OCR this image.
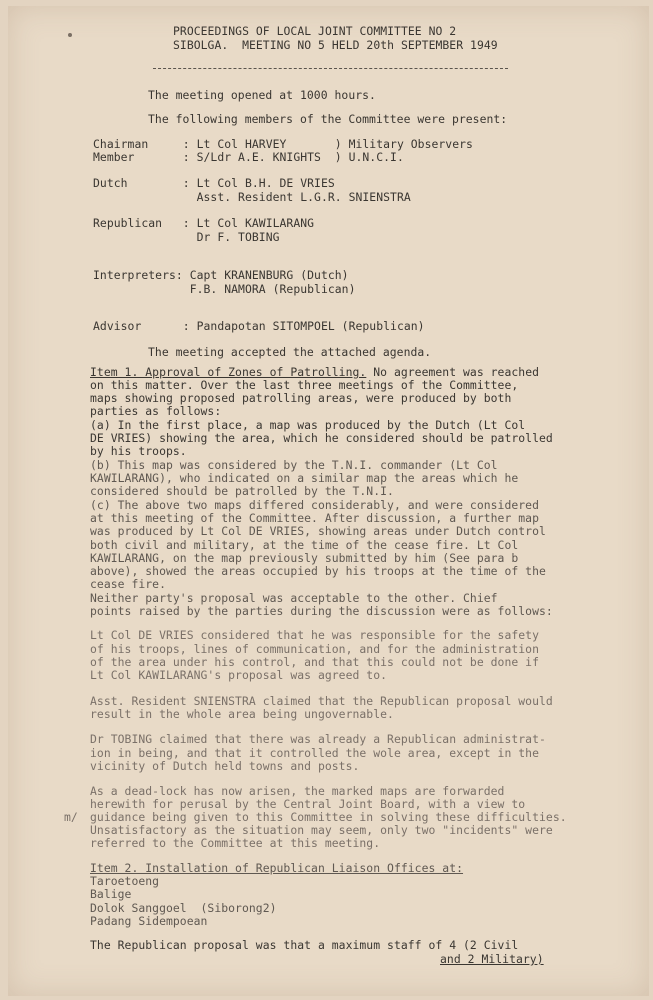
PROCEEDINGS OF LOCAL JOINT COMMITTEE NO 2
SIBOLGA.  MEETING NO 5 HELD 20th SEPTEMBER 1949
The meeting opened at 1000 hours.
The following members of the Committee were present:
Chairman     : Lt Col HARVEY       ) Military Observers
Member       : S/Ldr A.E. KNIGHTS  ) U.N.C.I.
Dutch        : Lt Col B.H. DE VRIES
Asst. Resident L.G.R. SNIENSTRA
Republican   : Lt Col KAWILARANG
Dr F. TOBING
Interpreters: Capt KRANENBURG (Dutch)
F.B. NAMORA (Republican)
Advisor      : Pandapotan SITOMPOEL (Republican)
The meeting accepted the attached agenda.
Item 1. Approval of Zones of Patrolling. No agreement was reached
on this matter. Over the last three meetings of the Committee,
maps showing proposed patrolling areas, were produced by both
parties as follows:
(a) In the first place, a map was produced by the Dutch (Lt Col
DE VRIES) showing the area, which he considered should be patrolled
by his troops.
(b) This map was considered by the T.N.I. commander (Lt Col
KAWILARANG), who indicated on a similar map the areas which he
considered should be patrolled by the T.N.I.
(c) The above two maps differed considerably, and were considered
at this meeting of the Committee. After discussion, a further map
was produced by Lt Col DE VRIES, showing areas under Dutch control
both civil and military, at the time of the cease fire. Lt Col
KAWILARANG, on the map previously submitted by him (See para b
above), showed the areas occupied by his troops at the time of the
cease fire.
Neither party's proposal was acceptable to the other. Chief
points raised by the parties during the discussion were as follows:
Lt Col DE VRIES considered that he was responsible for the safety
of his troops, lines of communication, and for the administration
of the area under his control, and that this could not be done if
Lt Col KAWILARANG's proposal was agreed to.
Asst. Resident SNIENSTRA claimed that the Republican proposal would
result in the whole area being ungovernable.
Dr TOBING claimed that there was already a Republican administrat-
ion in being, and that it controlled the wole area, except in the
vicinity of Dutch held towns and posts.
As a dead-lock has now arisen, the marked maps are forwarded
herewith for perusal by the Central Joint Board, with a view to
m/ guidance being given to this Committee in solving these difficulties.
Unsatisfactory as the situation may seem, only two "incidents" were
referred to the Committee at this meeting.
Item 2. Installation of Republican Liaison Offices at:
Taroetoeng
Balige
Dolok Sanggoel  (Siborong2)
Padang Sidempoean
The Republican proposal was that a maximum staff of 4 (2 Civil
and 2 Military)
